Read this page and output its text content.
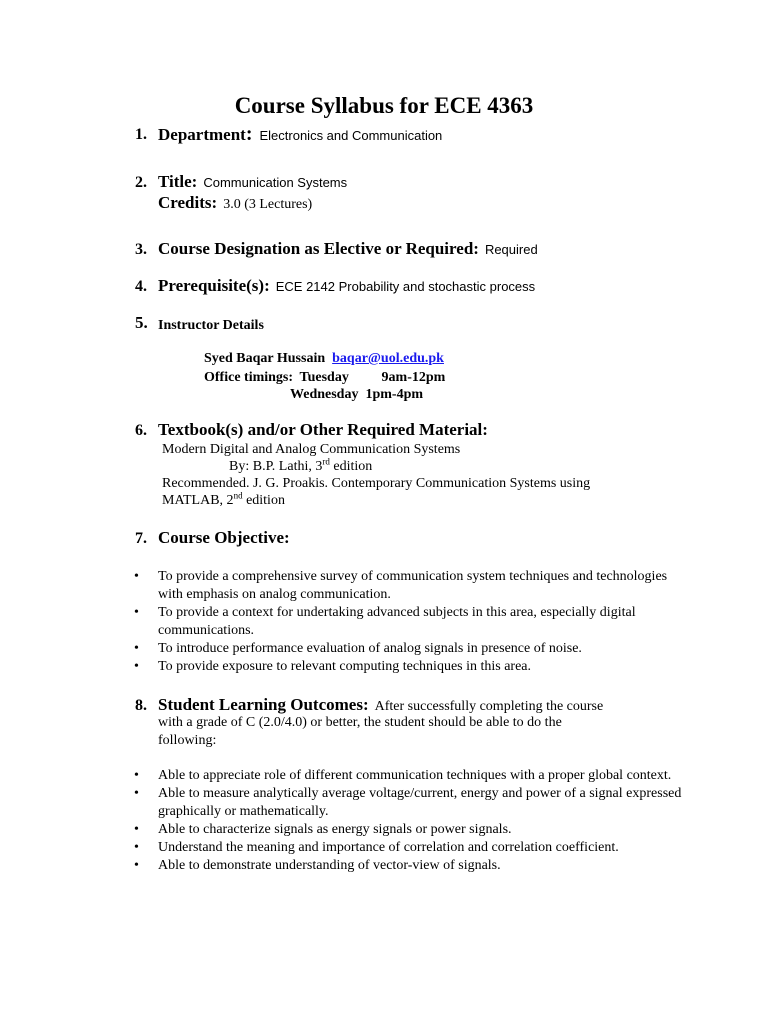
Course Syllabus for ECE 4363
1. Department: Electronics and Communication
2. Title: Communication Systems
Credits: 3.0 (3 Lectures)
3. Course Designation as Elective or Required: Required
4. Prerequisite(s): ECE 2142 Probability and stochastic process
5. Instructor Details
Syed Baqar Hussain baqar@uol.edu.pk
Office timings: Tuesday 9am-12pm
Wednesday 1pm-4pm
6. Textbook(s) and/or Other Required Material:
Modern Digital and Analog Communication Systems
By: B.P. Lathi, 3rd edition
Recommended. J. G. Proakis. Contemporary Communication Systems using
MATLAB, 2nd edition
7. Course Objective:
• To provide a comprehensive survey of communication system techniques and technologies with emphasis on analog communication.
• To provide a context for undertaking advanced subjects in this area, especially digital communications.
• To introduce performance evaluation of analog signals in presence of noise.
• To provide exposure to relevant computing techniques in this area.
8. Student Learning Outcomes: After successfully completing the course
with a grade of C (2.0/4.0) or better, the student should be able to do the
following:
• Able to appreciate role of different communication techniques with a proper global context.
• Able to measure analytically average voltage/current, energy and power of a signal expressed graphically or mathematically.
• Able to characterize signals as energy signals or power signals.
• Understand the meaning and importance of correlation and correlation coefficient.
• Able to demonstrate understanding of vector-view of signals.
